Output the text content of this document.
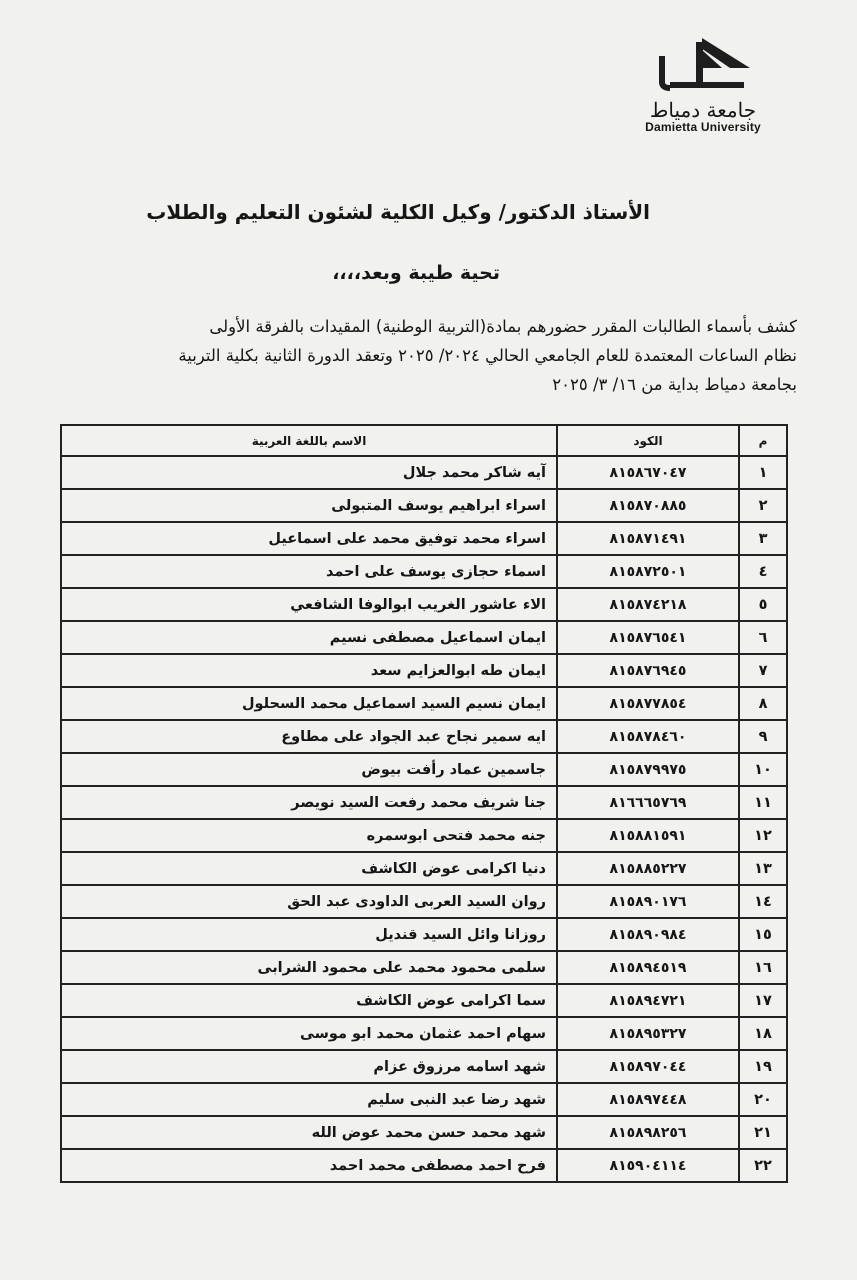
جامعة دمياط
Damietta University
الأستاذ الدكتور/ وكيل الكلية لشئون التعليم والطلاب
تحية طيبة وبعد،،،،
كشف بأسماء الطالبات المقرر حضورهم بمادة(التربية الوطنية) المقيدات بالفرقة الأولى
نظام الساعات المعتمدة للعام الجامعي الحالي ٢٠٢٤/ ٢٠٢٥ وتعقد الدورة الثانية بكلية التربية
بجامعة دمياط بداية من ١٦/ ٣/ ٢٠٢٥
م	الكود	الاسم باللغة العربية
١	٨١٥٨٦٧٠٤٧	آيه شاكر محمد جلال
٢	٨١٥٨٧٠٨٨٥	اسراء ابراهيم يوسف المتبولى
٣	٨١٥٨٧١٤٩١	اسراء محمد توفيق محمد على اسماعيل
٤	٨١٥٨٧٢٥٠١	اسماء حجازى يوسف على احمد
٥	٨١٥٨٧٤٢١٨	الاء عاشور الغريب ابوالوفا الشافعي
٦	٨١٥٨٧٦٥٤١	ايمان اسماعيل مصطفى نسيم
٧	٨١٥٨٧٦٩٤٥	ايمان طه ابوالعزايم سعد
٨	٨١٥٨٧٧٨٥٤	ايمان نسيم السيد اسماعيل محمد السحلول
٩	٨١٥٨٧٨٤٦٠	ايه سمير نجاح عبد الجواد على مطاوع
١٠	٨١٥٨٧٩٩٧٥	جاسمين عماد رأفت بيوض
١١	٨١٦٦٦٥٧٦٩	جنا شريف محمد رفعت السيد نويصر
١٢	٨١٥٨٨١٥٩١	جنه محمد فتحى ابوسمره
١٣	٨١٥٨٨٥٢٢٧	دنيا اكرامى عوض الكاشف
١٤	٨١٥٨٩٠١٧٦	روان السيد العربى الداودى عبد الحق
١٥	٨١٥٨٩٠٩٨٤	روزانا وائل السيد قنديل
١٦	٨١٥٨٩٤٥١٩	سلمى محمود محمد على محمود الشرابى
١٧	٨١٥٨٩٤٧٢١	سما اكرامى عوض الكاشف
١٨	٨١٥٨٩٥٣٢٧	سهام احمد عثمان محمد ابو موسى
١٩	٨١٥٨٩٧٠٤٤	شهد اسامه مرزوق عزام
٢٠	٨١٥٨٩٧٤٤٨	شهد رضا عبد النبى سليم
٢١	٨١٥٨٩٨٢٥٦	شهد محمد حسن محمد عوض الله
٢٢	٨١٥٩٠٤١١٤	فرح احمد مصطفى محمد احمد
